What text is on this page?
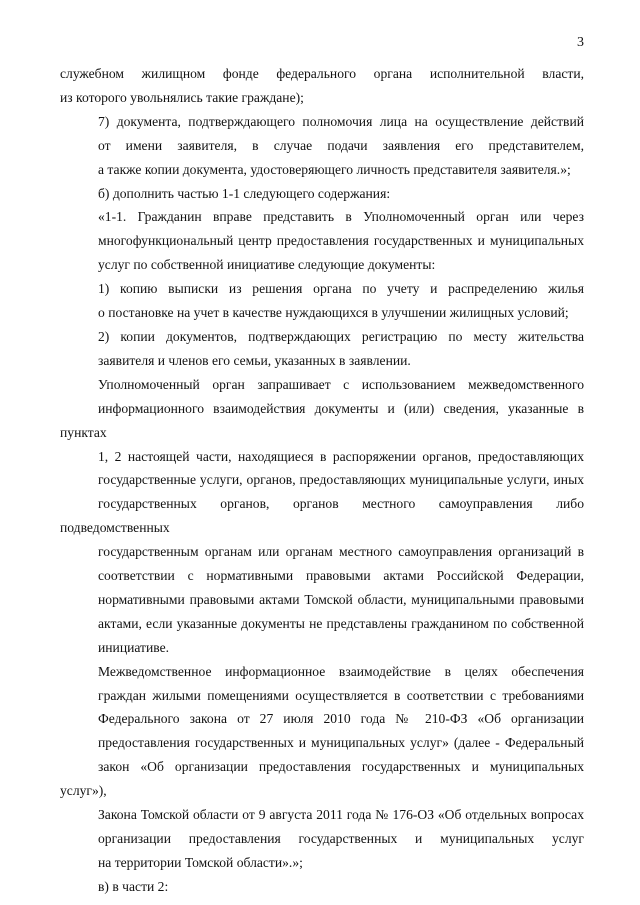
3

служебном жилищном фонде федерального органа исполнительной власти,
из которого увольнялись такие граждане);

7) документа, подтверждающего полномочия лица на осуществление действий
от имени заявителя, в случае подачи заявления его представителем,
а также копии документа, удостоверяющего личность представителя заявителя.»;

б) дополнить частью 1-1 следующего содержания:

«1-1. Гражданин вправе представить в Уполномоченный орган или через
многофункциональный центр предоставления государственных и муниципальных
услуг по собственной инициативе следующие документы:

1) копию выписки из решения органа по учету и распределению жилья
о постановке на учет в качестве нуждающихся в улучшении жилищных условий;

2) копии документов, подтверждающих регистрацию по месту жительства
заявителя и членов его семьи, указанных в заявлении.

Уполномоченный орган запрашивает с использованием межведомственного
информационного взаимодействия документы и (или) сведения, указанные в пунктах
1, 2 настоящей части, находящиеся в распоряжении органов, предоставляющих
государственные услуги, органов, предоставляющих муниципальные услуги, иных
государственных органов, органов местного самоуправления либо подведомственных
государственным органам или органам местного самоуправления организаций в
соответствии с нормативными правовыми актами Российской Федерации,
нормативными правовыми актами Томской области, муниципальными правовыми
актами, если указанные документы не представлены гражданином по собственной
инициативе.

Межведомственное информационное взаимодействие в целях обеспечения
граждан жилыми помещениями осуществляется в соответствии с требованиями
Федерального закона от 27 июля 2010 года № 210-ФЗ «Об организации
предоставления государственных и муниципальных услуг» (далее - Федеральный
закон «Об организации предоставления государственных и муниципальных услуг»),
Закона Томской области от 9 августа 2011 года № 176-ОЗ «Об отдельных вопросах
организации предоставления государственных и муниципальных услуг
на территории Томской области».»;

в) в части 2:
